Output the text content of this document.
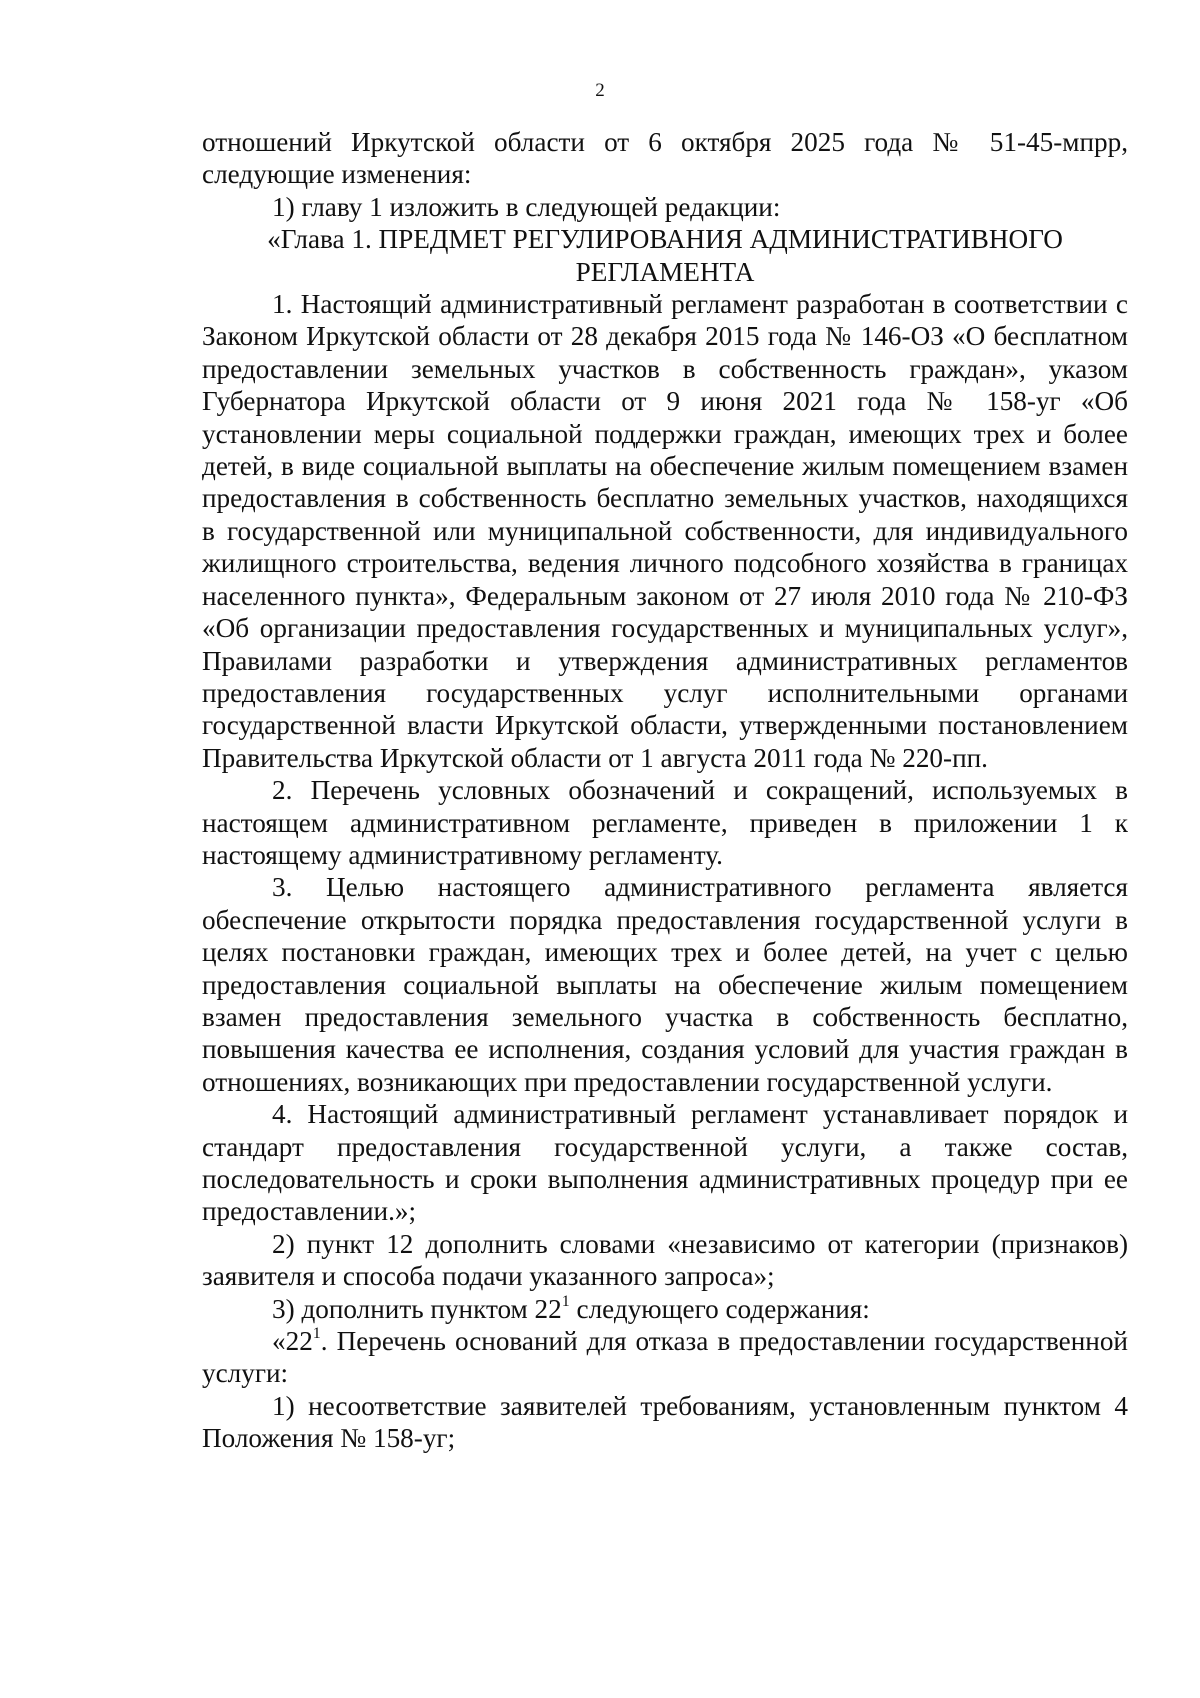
2

отношений Иркутской области от 6 октября 2025 года № 51-45-мпрр, следующие изменения:

1) главу 1 изложить в следующей редакции:

«Глава 1. ПРЕДМЕТ РЕГУЛИРОВАНИЯ АДМИНИСТРАТИВНОГО РЕГЛАМЕНТА

1. Настоящий административный регламент разработан в соответствии с Законом Иркутской области от 28 декабря 2015 года № 146-ОЗ «О бесплатном предоставлении земельных участков в собственность граждан», указом Губернатора Иркутской области от 9 июня 2021 года № 158-уг «Об установлении меры социальной поддержки граждан, имеющих трех и более детей, в виде социальной выплаты на обеспечение жилым помещением взамен предоставления в собственность бесплатно земельных участков, находящихся в государственной или муниципальной собственности, для индивидуального жилищного строительства, ведения личного подсобного хозяйства в границах населенного пункта», Федеральным законом от 27 июля 2010 года № 210-ФЗ «Об организации предоставления государственных и муниципальных услуг», Правилами разработки и утверждения административных регламентов предоставления государственных услуг исполнительными органами государственной власти Иркутской области, утвержденными постановлением Правительства Иркутской области от 1 августа 2011 года № 220-пп.

2. Перечень условных обозначений и сокращений, используемых в настоящем административном регламенте, приведен в приложении 1 к настоящему административному регламенту.

3. Целью настоящего административного регламента является обеспечение открытости порядка предоставления государственной услуги в целях постановки граждан, имеющих трех и более детей, на учет с целью предоставления социальной выплаты на обеспечение жилым помещением взамен предоставления земельного участка в собственность бесплатно, повышения качества ее исполнения, создания условий для участия граждан в отношениях, возникающих при предоставлении государственной услуги.

4. Настоящий административный регламент устанавливает порядок и стандарт предоставления государственной услуги, а также состав, последовательность и сроки выполнения административных процедур при ее предоставлении.»;

2) пункт 12 дополнить словами «независимо от категории (признаков) заявителя и способа подачи указанного запроса»;

3) дополнить пунктом $22^1$ следующего содержания:

«$22^1$. Перечень оснований для отказа в предоставлении государственной услуги:

1) несоответствие заявителей требованиям, установленным пунктом 4 Положения № 158-уг;
